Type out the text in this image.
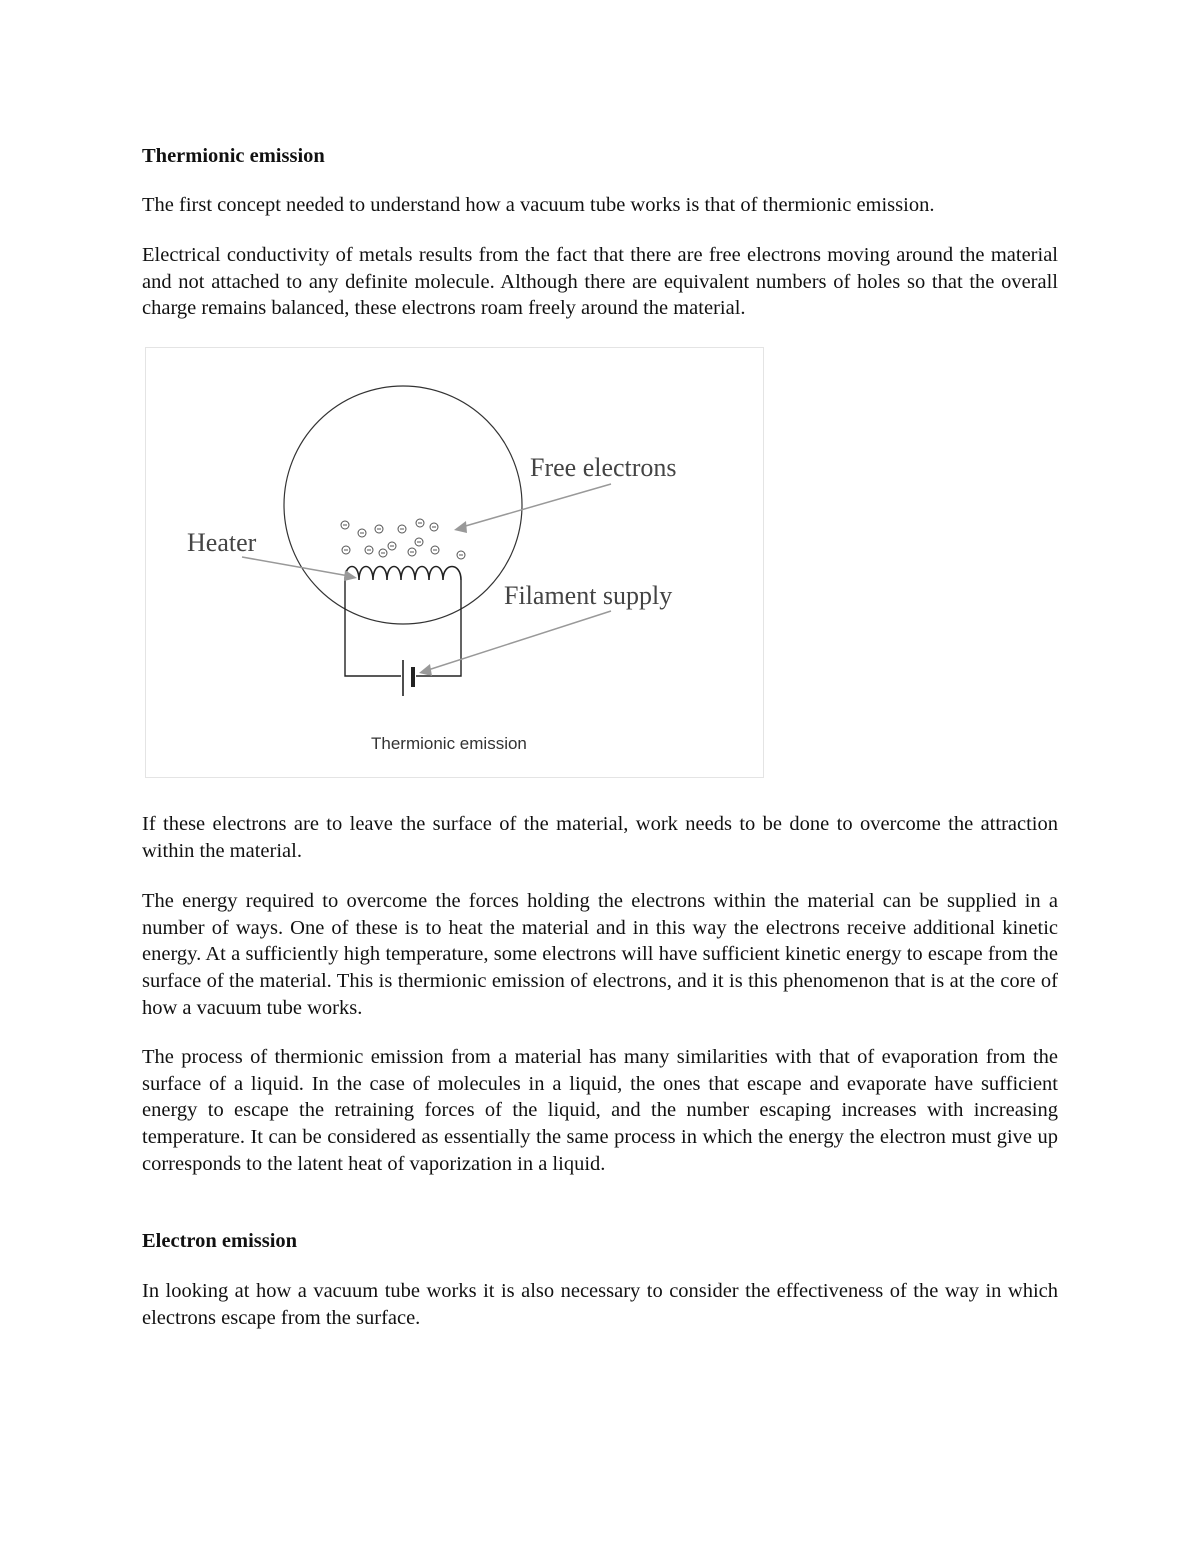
Thermionic emission

The first concept needed to understand how a vacuum tube works is that of thermionic emission.

Electrical conductivity of metals results from the fact that there are free electrons moving around the material and not attached to any definite molecule. Although there are equivalent numbers of holes so that the overall charge remains balanced, these electrons roam freely around the material.

Free electrons
Heater
Filament supply
Thermionic emission

If these electrons are to leave the surface of the material, work needs to be done to overcome the attraction within the material.

The energy required to overcome the forces holding the electrons within the material can be supplied in a number of ways. One of these is to heat the material and in this way the electrons receive additional kinetic energy. At a sufficiently high temperature, some electrons will have sufficient kinetic energy to escape from the surface of the material. This is thermionic emission of electrons, and it is this phenomenon that is at the core of how a vacuum tube works.

The process of thermionic emission from a material has many similarities with that of evaporation from the surface of a liquid. In the case of molecules in a liquid, the ones that escape and evaporate have sufficient energy to escape the retraining forces of the liquid, and the number escaping increases with increasing temperature. It can be considered as essentially the same process in which the energy the electron must give up corresponds to the latent heat of vaporization in a liquid.

Electron emission

In looking at how a vacuum tube works it is also necessary to consider the effectiveness of the way in which electrons escape from the surface.
